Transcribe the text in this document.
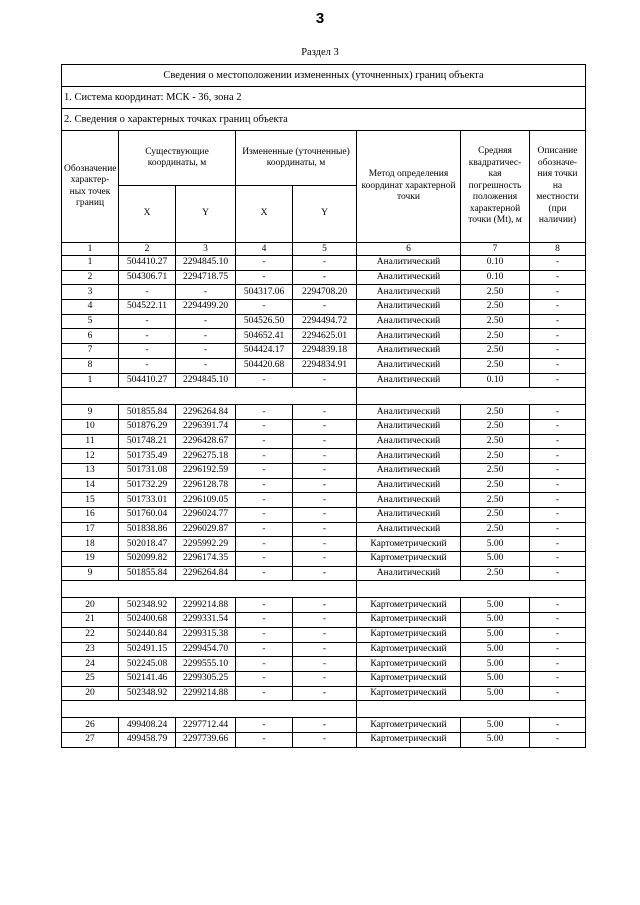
3
Раздел 3
Сведения о местоположении измененных (уточненных) границ объекта							
1. Система координат: МСК - 36, зона 2							
2. Сведения о характерных точках границ объекта							
Обозначение характер-ных точек границ	Существующие координаты, м		Измененные (уточненные) координаты, м		Метод определения координат характерной точки	Средняя квадратичес-кая погрешность положения характерной точки (Mt), м	Описание обозначе-ния точки на местности (при наличии)
	X	Y	X	Y			
1	2	3	4	5	6	7	8
1	504410.27	2294845.10	-	-	Аналитический	0.10	-
2	504306.71	2294718.75	-	-	Аналитический	0.10	-
3	-	-	504317.06	2294708.20	Аналитический	2.50	-
4	504522.11	2294499.20	-	-	Аналитический	2.50	-
5	-	-	504526.50	2294494.72	Аналитический	2.50	-
6	-	-	504652.41	2294625.01	Аналитический	2.50	-
7	-	-	504424.17	2294839.18	Аналитический	2.50	-
8	-	-	504420.68	2294834.91	Аналитический	2.50	-
1	504410.27	2294845.10	-	-	Аналитический	0.10	-

9	501855.84	2296264.84	-	-	Аналитический	2.50	-
10	501876.29	2296391.74	-	-	Аналитический	2.50	-
11	501748.21	2296428.67	-	-	Аналитический	2.50	-
12	501735.49	2296275.18	-	-	Аналитический	2.50	-
13	501731.08	2296192.59	-	-	Аналитический	2.50	-
14	501732.29	2296128.78	-	-	Аналитический	2.50	-
15	501733.01	2296109.05	-	-	Аналитический	2.50	-
16	501760.04	2296024.77	-	-	Аналитический	2.50	-
17	501838.86	2296029.87	-	-	Аналитический	2.50	-
18	502018.47	2295992.29	-	-	Картометрический	5.00	-
19	502099.82	2296174.35	-	-	Картометрический	5.00	-
9	501855.84	2296264.84	-	-	Аналитический	2.50	-

20	502348.92	2299214.88	-	-	Картометрический	5.00	-
21	502400.68	2299331.54	-	-	Картометрический	5.00	-
22	502440.84	2299315.38	-	-	Картометрический	5.00	-
23	502491.15	2299454.70	-	-	Картометрический	5.00	-
24	502245.08	2299555.10	-	-	Картометрический	5.00	-
25	502141.46	2299305.25	-	-	Картометрический	5.00	-
20	502348.92	2299214.88	-	-	Картометрический	5.00	-

26	499408.24	2297712.44	-	-	Картометрический	5.00	-
27	499458.79	2297739.66	-	-	Картометрический	5.00	-
